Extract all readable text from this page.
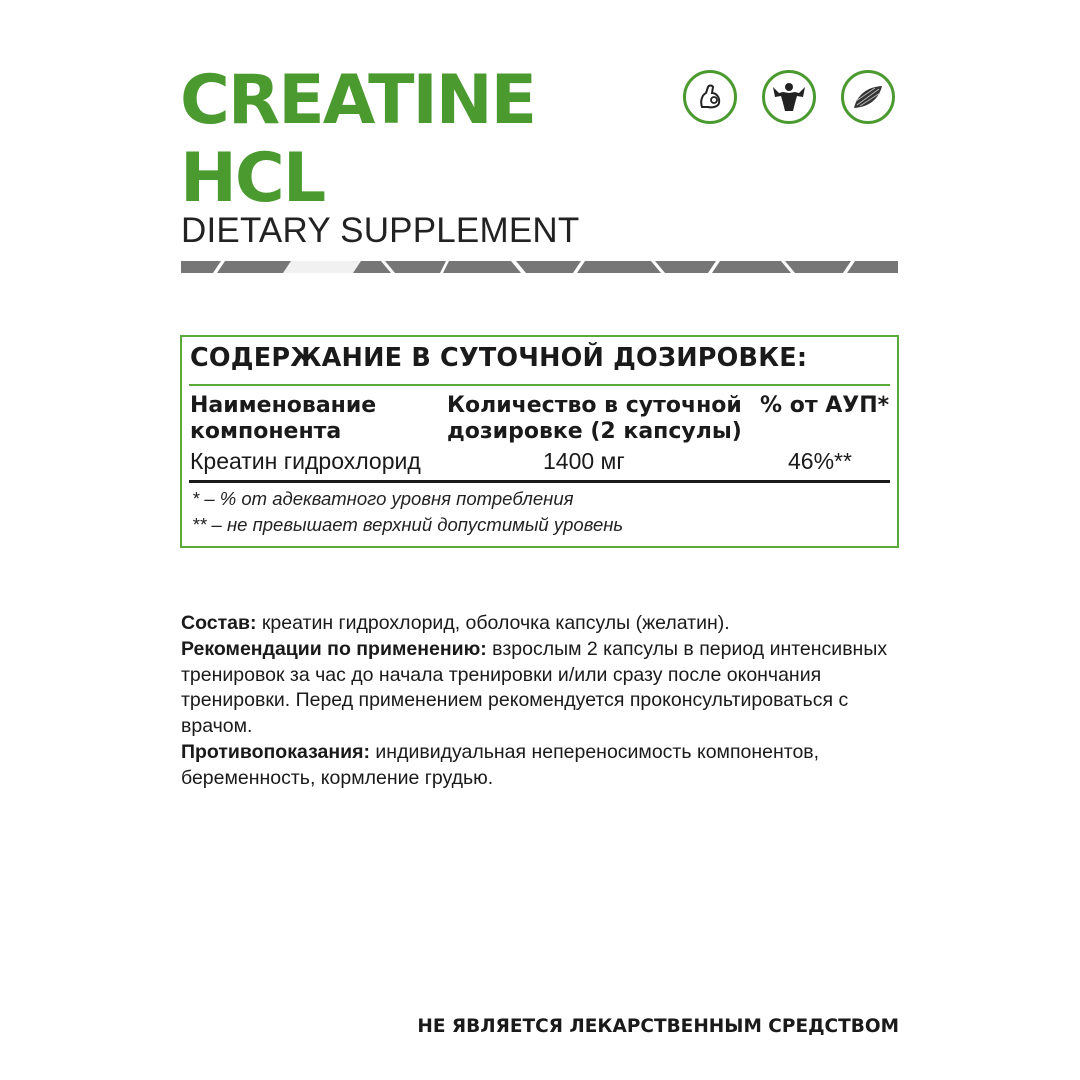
CREATINE
HCL
DIETARY SUPPLEMENT
СОДЕРЖАНИЕ В СУТОЧНОЙ ДОЗИРОВКЕ:
Наименование
компонента
Количество в суточной
дозировке (2 капсулы)
% от АУП*
Креатин гидрохлорид	1400 мг	46%**
* – % от адекватного уровня потребления
** – не превышает верхний допустимый уровень

Состав: креатин гидрохлорид, оболочка капсулы (желатин).

Рекомендации по применению: взрослым 2 капсулы в период интенсивных тренировок за час до начала тренировки и/или сразу после окончания тренировки. Перед применением рекомендуется проконсультироваться с врачом.

Противопоказания: индивидуальная непереносимость компонентов, беременность, кормление грудью.

НЕ ЯВЛЯЕТСЯ ЛЕКАРСТВЕННЫМ СРЕДСТВОМ
